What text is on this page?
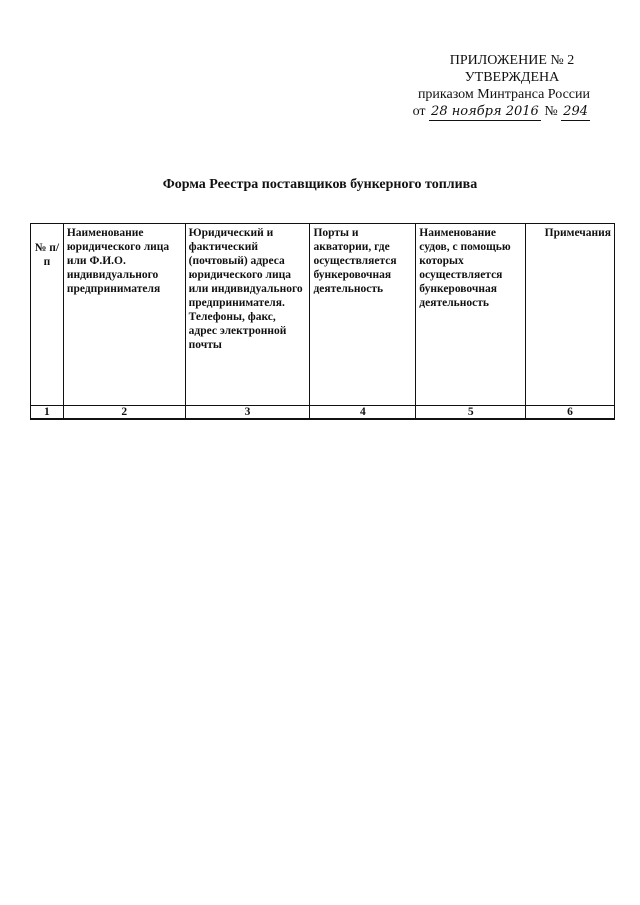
ПРИЛОЖЕНИЕ № 2
УТВЕРЖДЕНА
приказом Минтранса России
от 28 ноября 2016 № 294
Форма Реестра поставщиков бункерного топлива
№ п/п	Наименование юридического лица или Ф.И.О. индивидуального предпринимателя	Юридический и фактический (почтовый) адреса юридического лица или индивидуального предпринимателя. Телефоны, факс, адрес электронной почты	Порты и акватории, где осуществляется бункеровочная деятельность	Наименование судов, с помощью которых осуществляется бункеровочная деятельность	Примечания
1	2	3	4	5	6
